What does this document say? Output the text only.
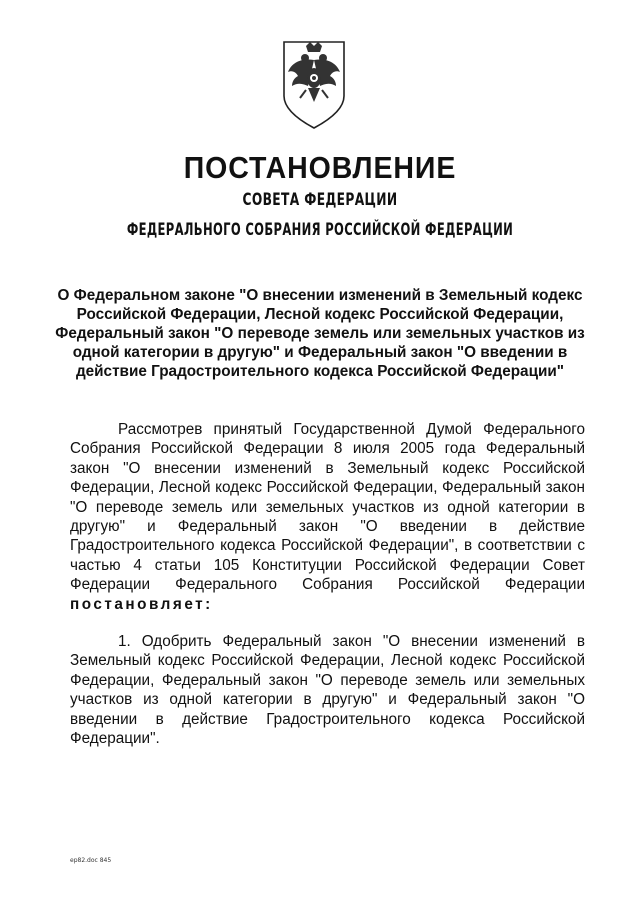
ПОСТАНОВЛЕНИЕ
СОВЕТА ФЕДЕРАЦИИ
ФЕДЕРАЛЬНОГО СОБРАНИЯ РОССИЙСКОЙ ФЕДЕРАЦИИ

О Федеральном законе "О внесении изменений в Земельный кодекс Российской Федерации, Лесной кодекс Российской Федерации, Федеральный закон "О переводе земель или земельных участков из одной категории в другую" и Федеральный закон "О введении в действие Градостроительного кодекса Российской Федерации"

Рассмотрев принятый Государственной Думой Федерального Собрания Российской Федерации 8 июля 2005 года Федеральный закон "О внесении изменений в Земельный кодекс Российской Федерации, Лесной кодекс Российской Федерации, Федеральный закон "О переводе земель или земельных участков из одной категории в другую" и Федеральный закон "О введении в действие Градостроительного кодекса Российской Федерации", в соответствии с частью 4 статьи 105 Конституции Российской Федерации Совет Федерации Федерального Собрания Российской Федерации постановляет:

1. Одобрить Федеральный закон "О внесении изменений в Земельный кодекс Российской Федерации, Лесной кодекс Российской Федерации, Федеральный закон "О переводе земель или земельных участков из одной категории в другую" и Федеральный закон "О введении в действие Градостроительного кодекса Российской Федерации".

ер82.doc 845
